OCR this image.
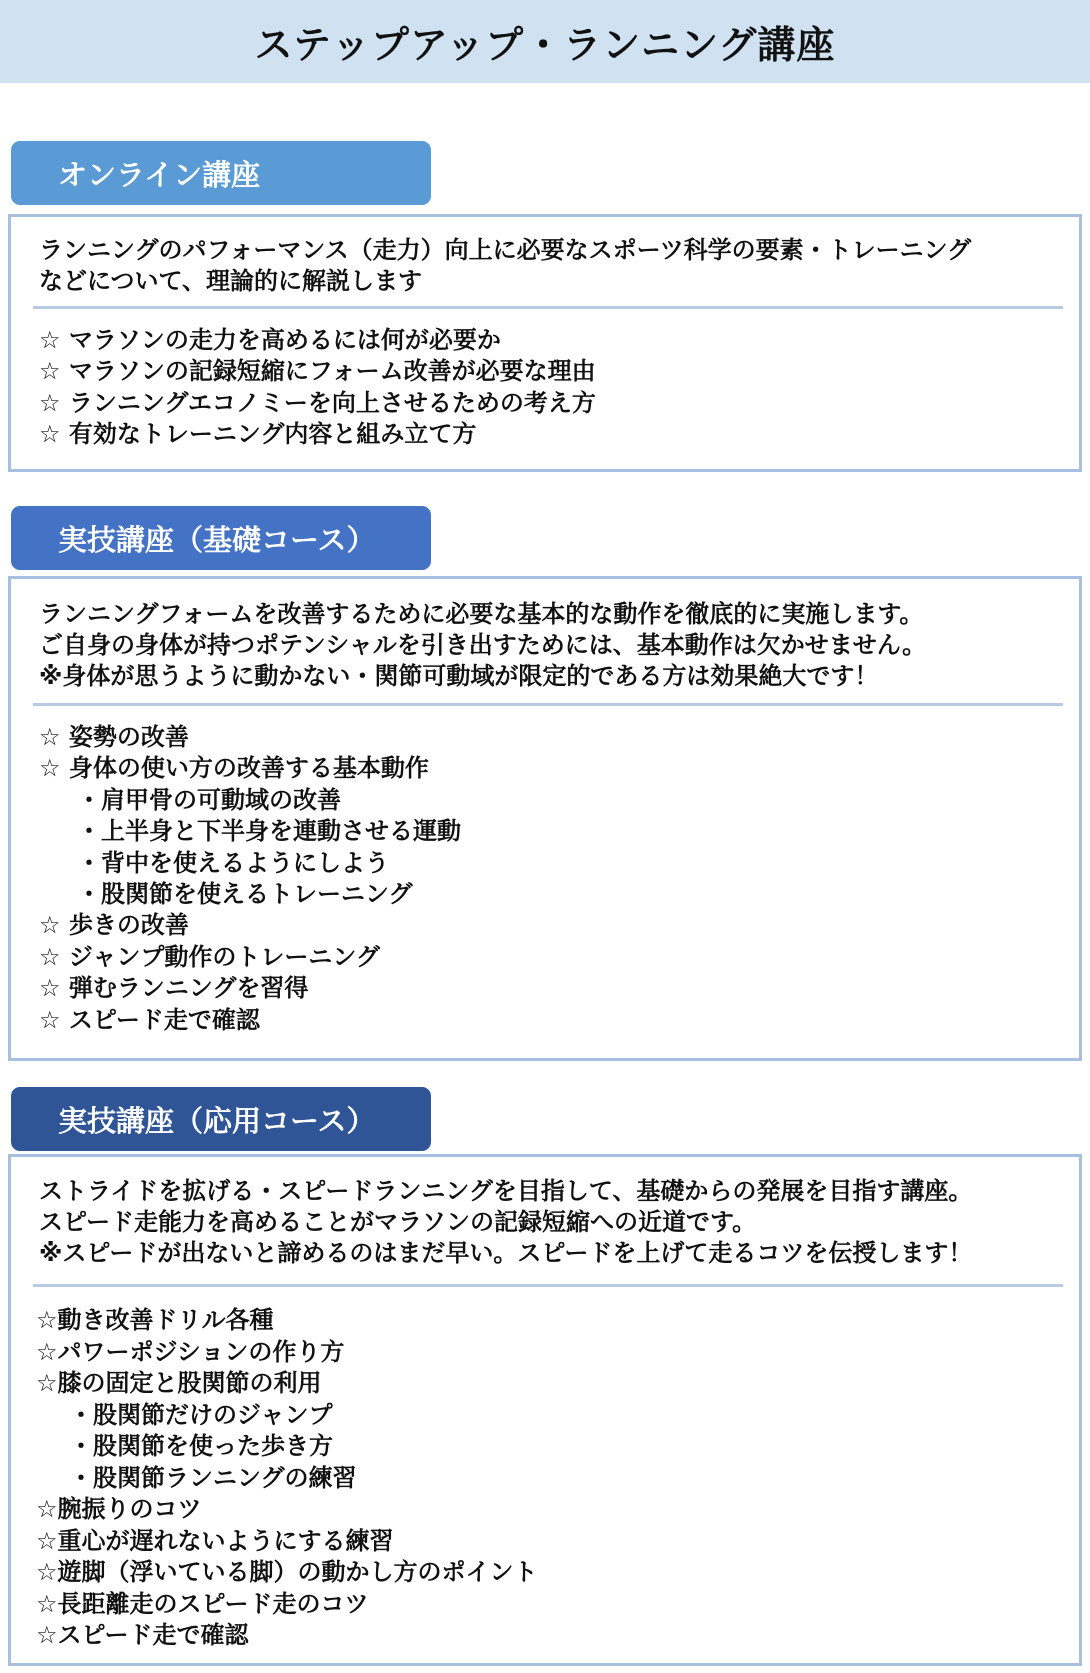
ステップアップ・ランニング講座
オンライン講座
ランニングのパフォーマンス（走力）向上に必要なスポーツ科学の要素・トレーニング
などについて、理論的に解説します
☆ マラソンの走力を高めるには何が必要か
☆ マラソンの記録短縮にフォーム改善が必要な理由
☆ ランニングエコノミーを向上させるための考え方
☆ 有効なトレーニング内容と組み立て方
実技講座（基礎コース）
ランニングフォームを改善するために必要な基本的な動作を徹底的に実施します。
ご自身の身体が持つポテンシャルを引き出すためには、基本動作は欠かせません。
※身体が思うように動かない・関節可動域が限定的である方は効果絶大です！
☆ 姿勢の改善
☆ 身体の使い方の改善する基本動作
・肩甲骨の可動域の改善
・上半身と下半身を連動させる運動
・背中を使えるようにしよう
・股関節を使えるトレーニング
☆ 歩きの改善
☆ ジャンプ動作のトレーニング
☆ 弾むランニングを習得
☆ スピード走で確認
実技講座（応用コース）
ストライドを拡げる・スピードランニングを目指して、基礎からの発展を目指す講座。
スピード走能力を高めることがマラソンの記録短縮への近道です。
※スピードが出ないと諦めるのはまだ早い。スピードを上げて走るコツを伝授します！
☆動き改善ドリル各種
☆パワーポジションの作り方
☆膝の固定と股関節の利用
・股関節だけのジャンプ
・股関節を使った歩き方
・股関節ランニングの練習
☆腕振りのコツ
☆重心が遅れないようにする練習
☆遊脚（浮いている脚）の動かし方のポイント
☆長距離走のスピード走のコツ
☆スピード走で確認
